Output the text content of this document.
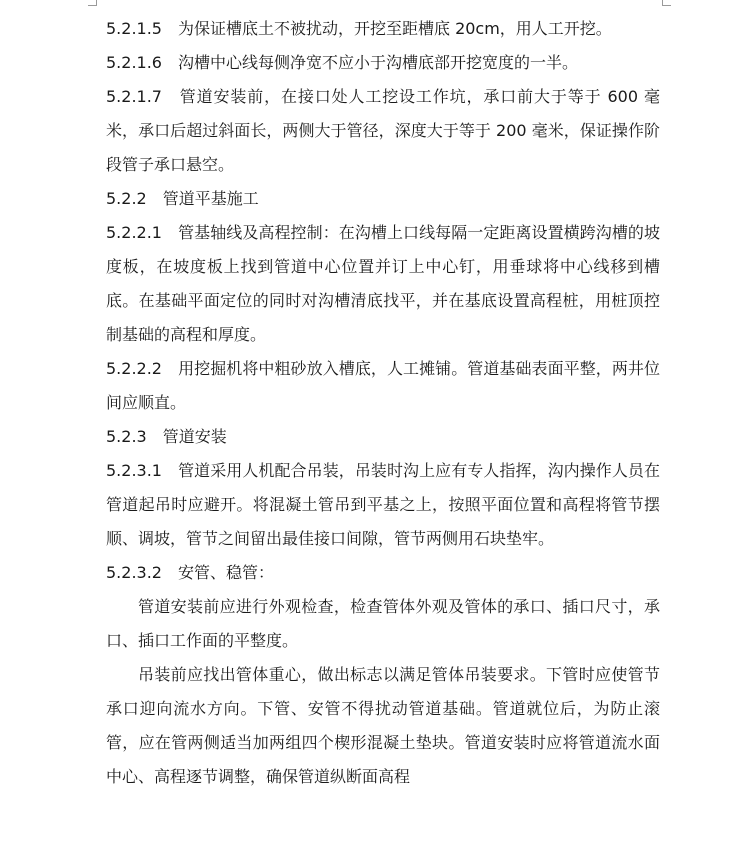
5.2.1.5　为保证槽底土不被扰动，开挖至距槽底 20cm，用人工开挖。

5.2.1.6　沟槽中心线每侧净宽不应小于沟槽底部开挖宽度的一半。

5.2.1.7　管道安装前，在接口处人工挖设工作坑，承口前大于等于 600 毫米，承口后超过斜面长，两侧大于管径，深度大于等于 200 毫米，保证操作阶段管子承口悬空。

5.2.2　管道平基施工

5.2.2.1　管基轴线及高程控制：在沟槽上口线每隔一定距离设置横跨沟槽的坡度板，在坡度板上找到管道中心位置并订上中心钉，用垂球将中心线移到槽底。在基础平面定位的同时对沟槽清底找平，并在基底设置高程桩，用桩顶控制基础的高程和厚度。

5.2.2.2　用挖掘机将中粗砂放入槽底，人工摊铺。管道基础表面平整，两井位间应顺直。

5.2.3　管道安装

5.2.3.1　管道采用人机配合吊装，吊装时沟上应有专人指挥，沟内操作人员在管道起吊时应避开。将混凝土管吊到平基之上，按照平面位置和高程将管节摆顺、调坡，管节之间留出最佳接口间隙，管节两侧用石块垫牢。

5.2.3.2　安管、稳管：

管道安装前应进行外观检查，检查管体外观及管体的承口、插口尺寸，承口、插口工作面的平整度。

吊装前应找出管体重心，做出标志以满足管体吊装要求。下管时应使管节承口迎向流水方向。下管、安管不得扰动管道基础。管道就位后，为防止滚管，应在管两侧适当加两组四个楔形混凝土垫块。管道安装时应将管道流水面中心、高程逐节调整，确保管道纵断面高程
